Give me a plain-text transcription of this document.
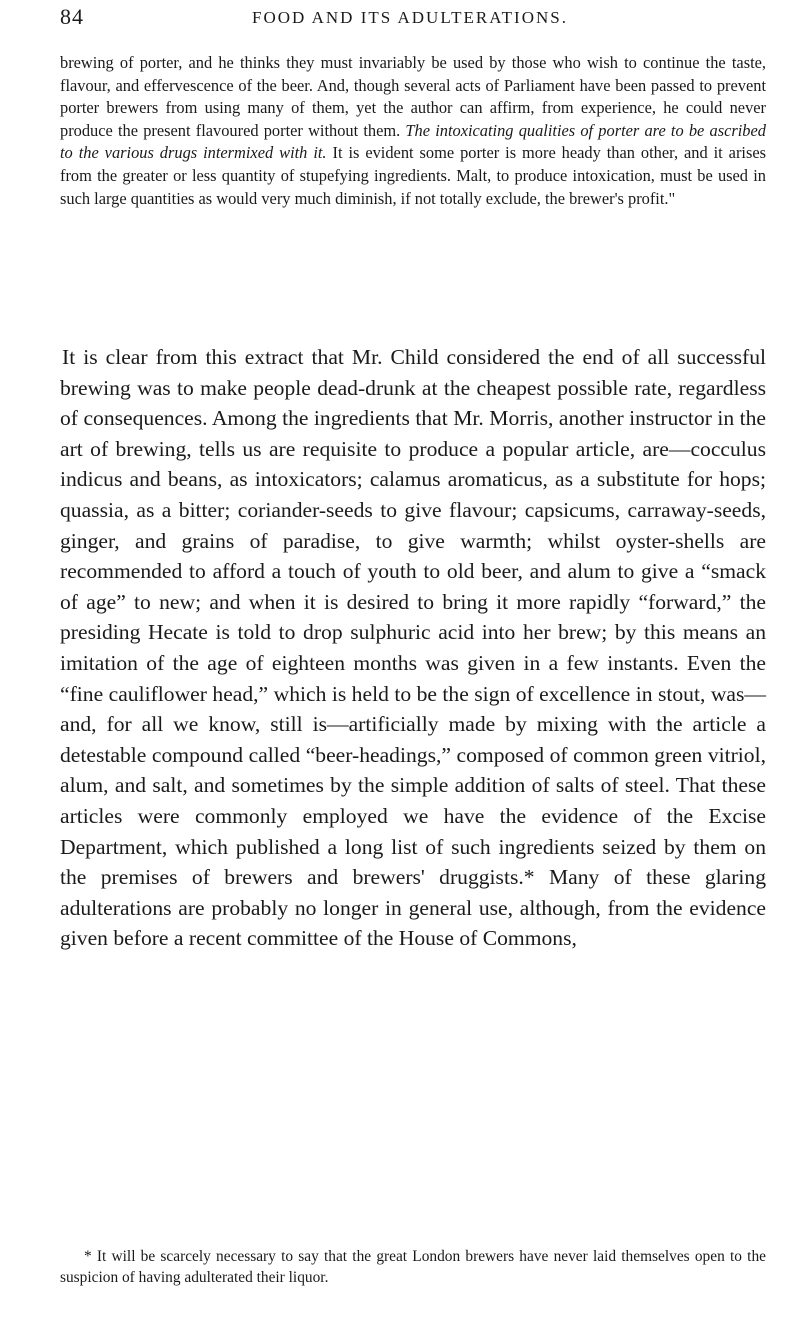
84	FOOD AND ITS ADULTERATIONS.

brewing of porter, and he thinks they must invariably be used by those who wish to continue the taste, flavour, and effervescence of the beer. And, though several acts of Parliament have been passed to prevent porter brewers from using many of them, yet the author can affirm, from experience, he could never produce the present flavoured porter without them. The intoxicating qualities of porter are to be ascribed to the various drugs intermixed with it. It is evident some porter is more heady than other, and it arises from the greater or less quantity of stupefying ingredients. Malt, to produce intoxication, must be used in such large quantities as would very much diminish, if not totally exclude, the brewer's profit."

It is clear from this extract that Mr. Child considered the end of all successful brewing was to make people dead-drunk at the cheapest possible rate, regardless of consequences. Among the ingredients that Mr. Morris, another instructor in the art of brewing, tells us are requisite to produce a popular article, are—cocculus indicus and beans, as intoxicators; calamus aromaticus, as a substitute for hops; quassia, as a bitter; coriander-seeds to give flavour; capsicums, carraway-seeds, ginger, and grains of paradise, to give warmth; whilst oyster-shells are recommended to afford a touch of youth to old beer, and alum to give a “smack of age” to new; and when it is desired to bring it more rapidly “forward,” the presiding Hecate is told to drop sulphuric acid into her brew; by this means an imitation of the age of eighteen months was given in a few instants. Even the “fine cauliflower head,” which is held to be the sign of excellence in stout, was—and, for all we know, still is—artificially made by mixing with the article a detestable compound called “beer-headings,” composed of common green vitriol, alum, and salt, and sometimes by the simple addition of salts of steel. That these articles were commonly employed we have the evidence of the Excise Department, which published a long list of such ingredients seized by them on the premises of brewers and brewers' druggists.* Many of these glaring adulterations are probably no longer in general use, although, from the evidence given before a recent committee of the House of Commons,

* It will be scarcely necessary to say that the great London brewers have never laid themselves open to the suspicion of having adulterated their liquor.
